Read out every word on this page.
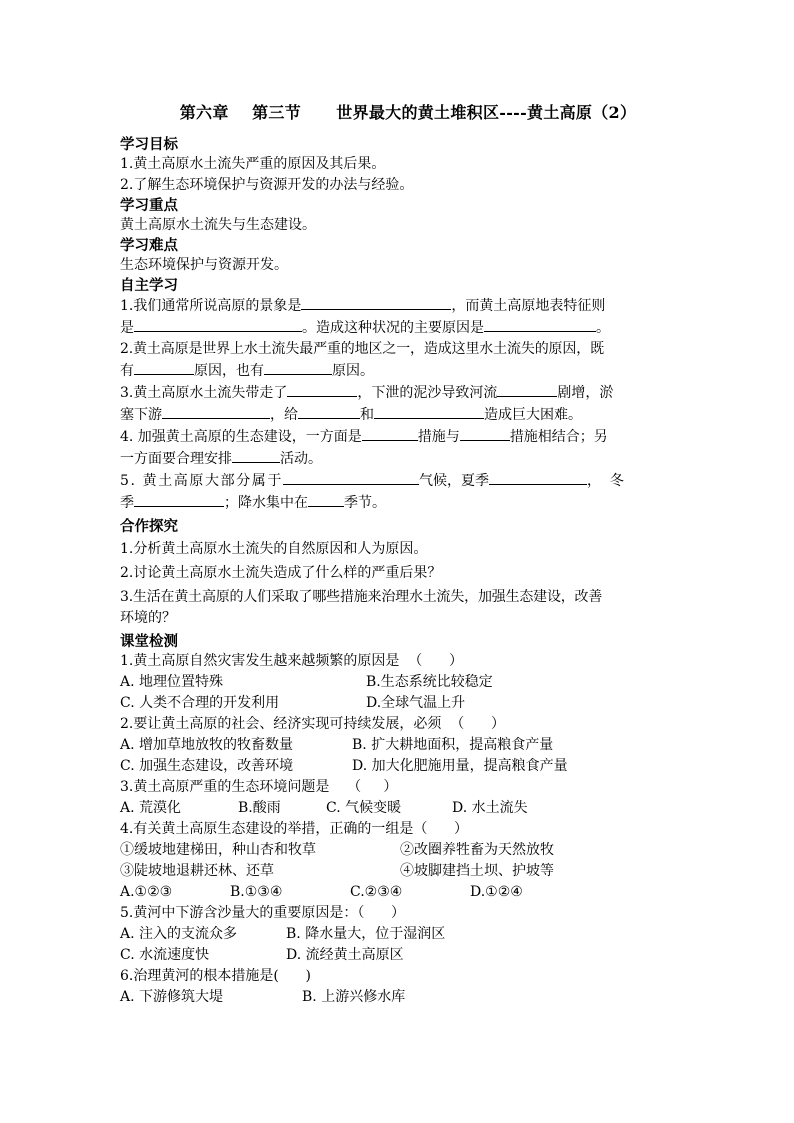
第六章    第三节      世界最大的黄土堆积区----黄土高原（2）

学习目标

1.黄土高原水土流失严重的原因及其后果。

2.了解生态环境保护与资源开发的办法与经验。

学习重点

黄土高原水土流失与生态建设。

学习难点

生态环境保护与资源开发。

自主学习

1.我们通常所说高原的景象是	，而黄土高原地表特征则

是	。造成这种状况的主要原因是	。

2.黄土高原是世界上水土流失最严重的地区之一，造成这里水土流失的原因，既

有	原因，也有	原因。

3.黄土高原水土流失带走了	，下泄的泥沙导致河流	剧增，淤

塞下游	，给	和	造成巨大困难。

4. 加强黄土高原的生态建设，一方面是	措施与	措施相结合；另

一方面要合理安排	活动。

5. 黄土高原大部分属于	气候，夏季	，  冬

季	；降水集中在	季节。

合作探究

1.分析黄土高原水土流失的自然原因和人为原因。

2.讨论黄土高原水土流失造成了什么样的严重后果？

3.生活在黄土高原的人们采取了哪些措施来治理水土流失，加强生态建设，改善

环境的？

课堂检测

1.黄土高原自然灾害发生越来越频繁的原因是  （      ）

A. 地理位置特殊	B.生态系统比较稳定
C. 人类不合理的开发利用	D.全球气温上升

2.要让黄土高原的社会、经济实现可持续发展，必须  （      ）

A. 增加草地放牧的牧畜数量	B. 扩大耕地面积，提高粮食产量
C. 加强生态建设，改善环境	D. 加大化肥施用量，提高粮食产量

3.黄土高原严重的生态环境问题是    （     ）

A. 荒漠化	B.酸雨	C. 气候变暖	D. 水土流失

4.有关黄土高原生态建设的举措，正确的一组是（      ）

①缓坡地建梯田，种山杏和牧草	②改圈养牲畜为天然放牧
③陡坡地退耕还林、还草	④坡脚建挡土坝、护坡等
A.①②③	B.①③④	C.②③④	D.①②④

5.黄河中下游含沙量大的重要原因是：（      ）

A. 注入的支流众多	B. 降水量大，位于湿润区
C. 水流速度快	D. 流经黄土高原区

6.治理黄河的根本措施是(      )

A. 下游修筑大堤	B. 上游兴修水库
